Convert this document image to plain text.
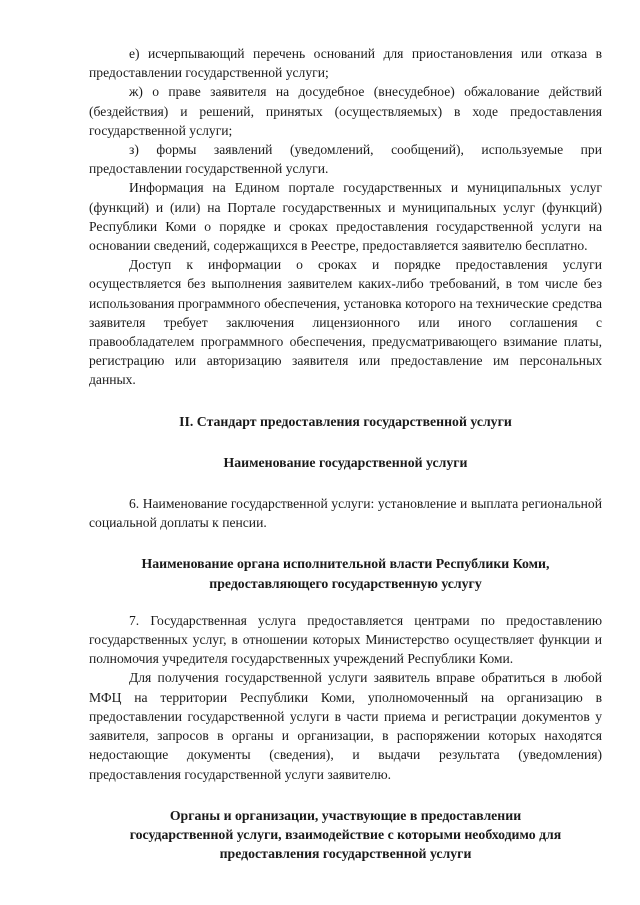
е) исчерпывающий перечень оснований для приостановления или отказа в предоставлении государственной услуги;

ж) о праве заявителя на досудебное (внесудебное) обжалование действий (бездействия) и решений, принятых (осуществляемых) в ходе предоставления государственной услуги;

з) формы заявлений (уведомлений, сообщений), используемые при предоставлении государственной услуги.

Информация на Едином портале государственных и муниципальных услуг (функций) и (или) на Портале государственных и муниципальных услуг (функций) Республики Коми о порядке и сроках предоставления государственной услуги на основании сведений, содержащихся в Реестре, предоставляется заявителю бесплатно.

Доступ к информации о сроках и порядке предоставления услуги осуществляется без выполнения заявителем каких-либо требований, в том числе без использования программного обеспечения, установка которого на технические средства заявителя требует заключения лицензионного или иного соглашения с правообладателем программного обеспечения, предусматривающего взимание платы, регистрацию или авторизацию заявителя или предоставление им персональных данных.

II. Стандарт предоставления государственной услуги

Наименование государственной услуги

6. Наименование государственной услуги: установление и выплата региональной социальной доплаты к пенсии.

Наименование органа исполнительной власти Республики Коми,

предоставляющего государственную услугу

7. Государственная услуга предоставляется центрами по предоставлению государственных услуг, в отношении которых Министерство осуществляет функции и полномочия учредителя государственных учреждений Республики Коми.

Для получения государственной услуги заявитель вправе обратиться в любой МФЦ на территории Республики Коми, уполномоченный на организацию в предоставлении государственной услуги в части приема и регистрации документов у заявителя, запросов в органы и организации, в распоряжении которых находятся недостающие документы (сведения), и выдачи результата (уведомления) предоставления государственной услуги заявителю.

Органы и организации, участвующие в предоставлении

государственной услуги, взаимодействие с которыми необходимо для

предоставления государственной услуги
